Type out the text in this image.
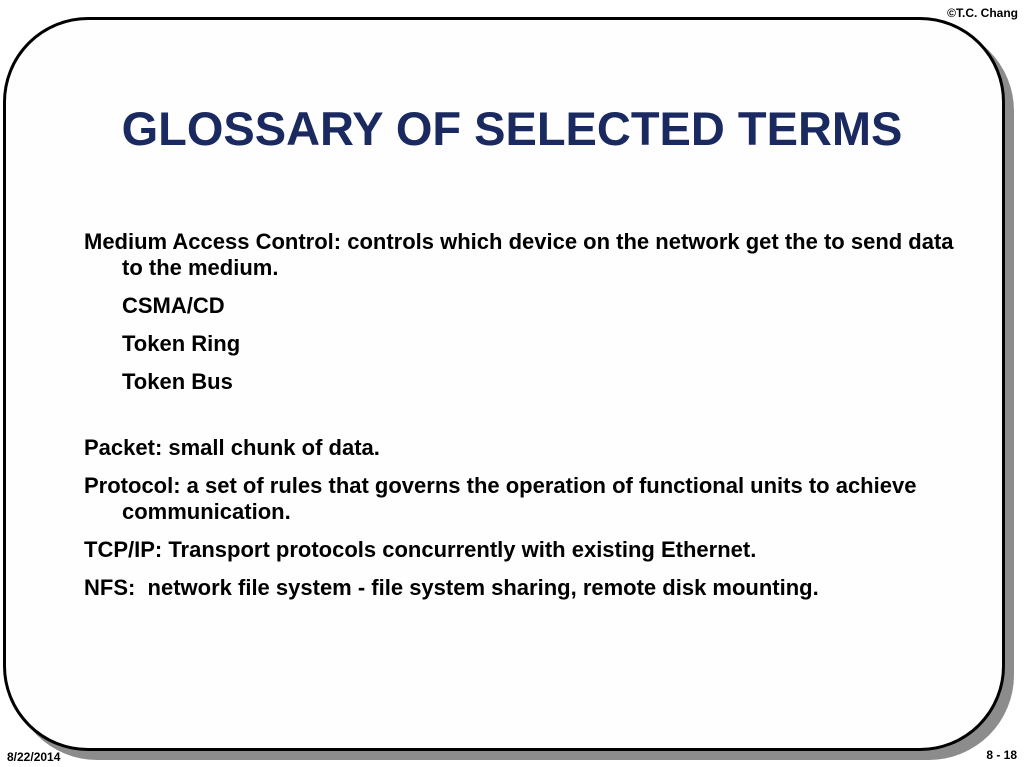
©T.C. Chang
GLOSSARY OF SELECTED TERMS

Medium Access Control: controls which device on the network get the to send data to the medium.

CSMA/CD

Token Ring

Token Bus

Packet: small chunk of data.

Protocol: a set of rules that governs the operation of functional units to achieve communication.

TCP/IP: Transport protocols concurrently with existing Ethernet.

NFS:  network file system - file system sharing, remote disk mounting.

8/22/2014	8 - 18
